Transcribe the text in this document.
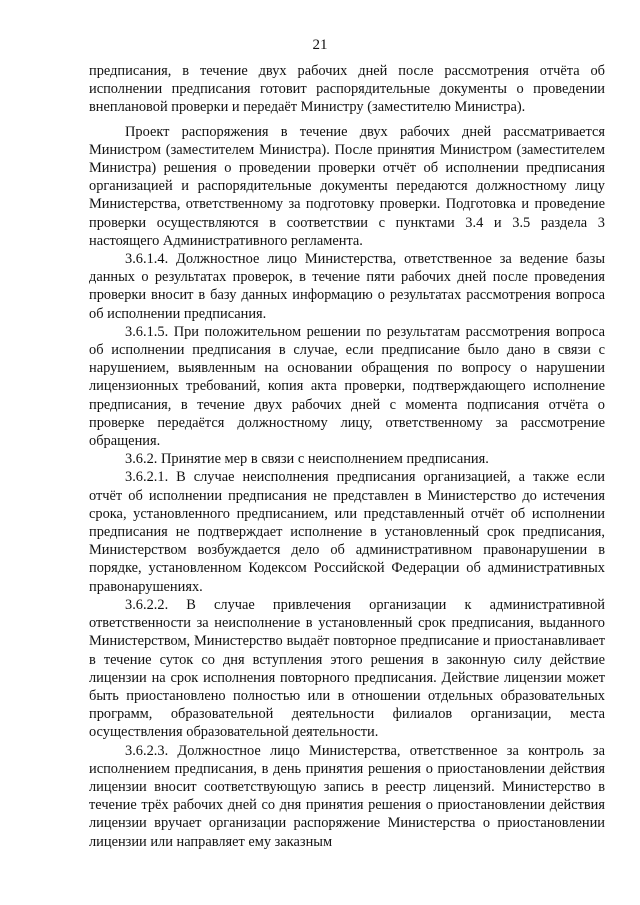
21

предписания, в течение двух рабочих дней после рассмотрения отчёта об исполнении предписания готовит распорядительные документы о проведении внеплановой проверки и передаёт Министру (заместителю Министра).

Проект распоряжения в течение двух рабочих дней рассматривается Министром (заместителем Министра). После принятия Министром (заместителем Министра) решения о проведении проверки отчёт об исполнении предписания организацией и распорядительные документы передаются должностному лицу Министерства, ответственному за подготовку проверки. Подготовка и проведение проверки осуществляются в соответствии с пунктами 3.4 и 3.5 раздела 3 настоящего Административного регламента.

3.6.1.4. Должностное лицо Министерства, ответственное за ведение базы данных о результатах проверок, в течение пяти рабочих дней после проведения проверки вносит в базу данных информацию о результатах рассмотрения вопроса об исполнении предписания.

3.6.1.5. При положительном решении по результатам рассмотрения вопроса об исполнении предписания в случае, если предписание было дано в связи с нарушением, выявленным на основании обращения по вопросу о нарушении лицензионных требований, копия акта проверки, подтверждающего исполнение предписания, в течение двух рабочих дней с момента подписания отчёта о проверке передаётся должностному лицу, ответственному за рассмотрение обращения.

3.6.2. Принятие мер в связи с неисполнением предписания.

3.6.2.1. В случае неисполнения предписания организацией, а также если отчёт об исполнении предписания не представлен в Министерство до истечения срока, установленного предписанием, или представленный отчёт об исполнении предписания не подтверждает исполнение в установленный срок предписания, Министерством возбуждается дело об административном правонарушении в порядке, установленном Кодексом Российской Федерации об административных правонарушениях.

3.6.2.2. В случае привлечения организации к административной ответственности за неисполнение в установленный срок предписания, выданного Министерством, Министерство выдаёт повторное предписание и приостанавливает в течение суток со дня вступления этого решения в законную силу действие лицензии на срок исполнения повторного предписания. Действие лицензии может быть приостановлено полностью или в отношении отдельных образовательных программ, образовательной деятельности филиалов организации, места осуществления образовательной деятельности.

3.6.2.3. Должностное лицо Министерства, ответственное за контроль за исполнением предписания, в день принятия решения о приостановлении действия лицензии вносит соответствующую запись в реестр лицензий. Министерство в течение трёх рабочих дней со дня принятия решения о приостановлении действия лицензии вручает организации распоряжение Министерства о приостановлении лицензии или направляет ему заказным
